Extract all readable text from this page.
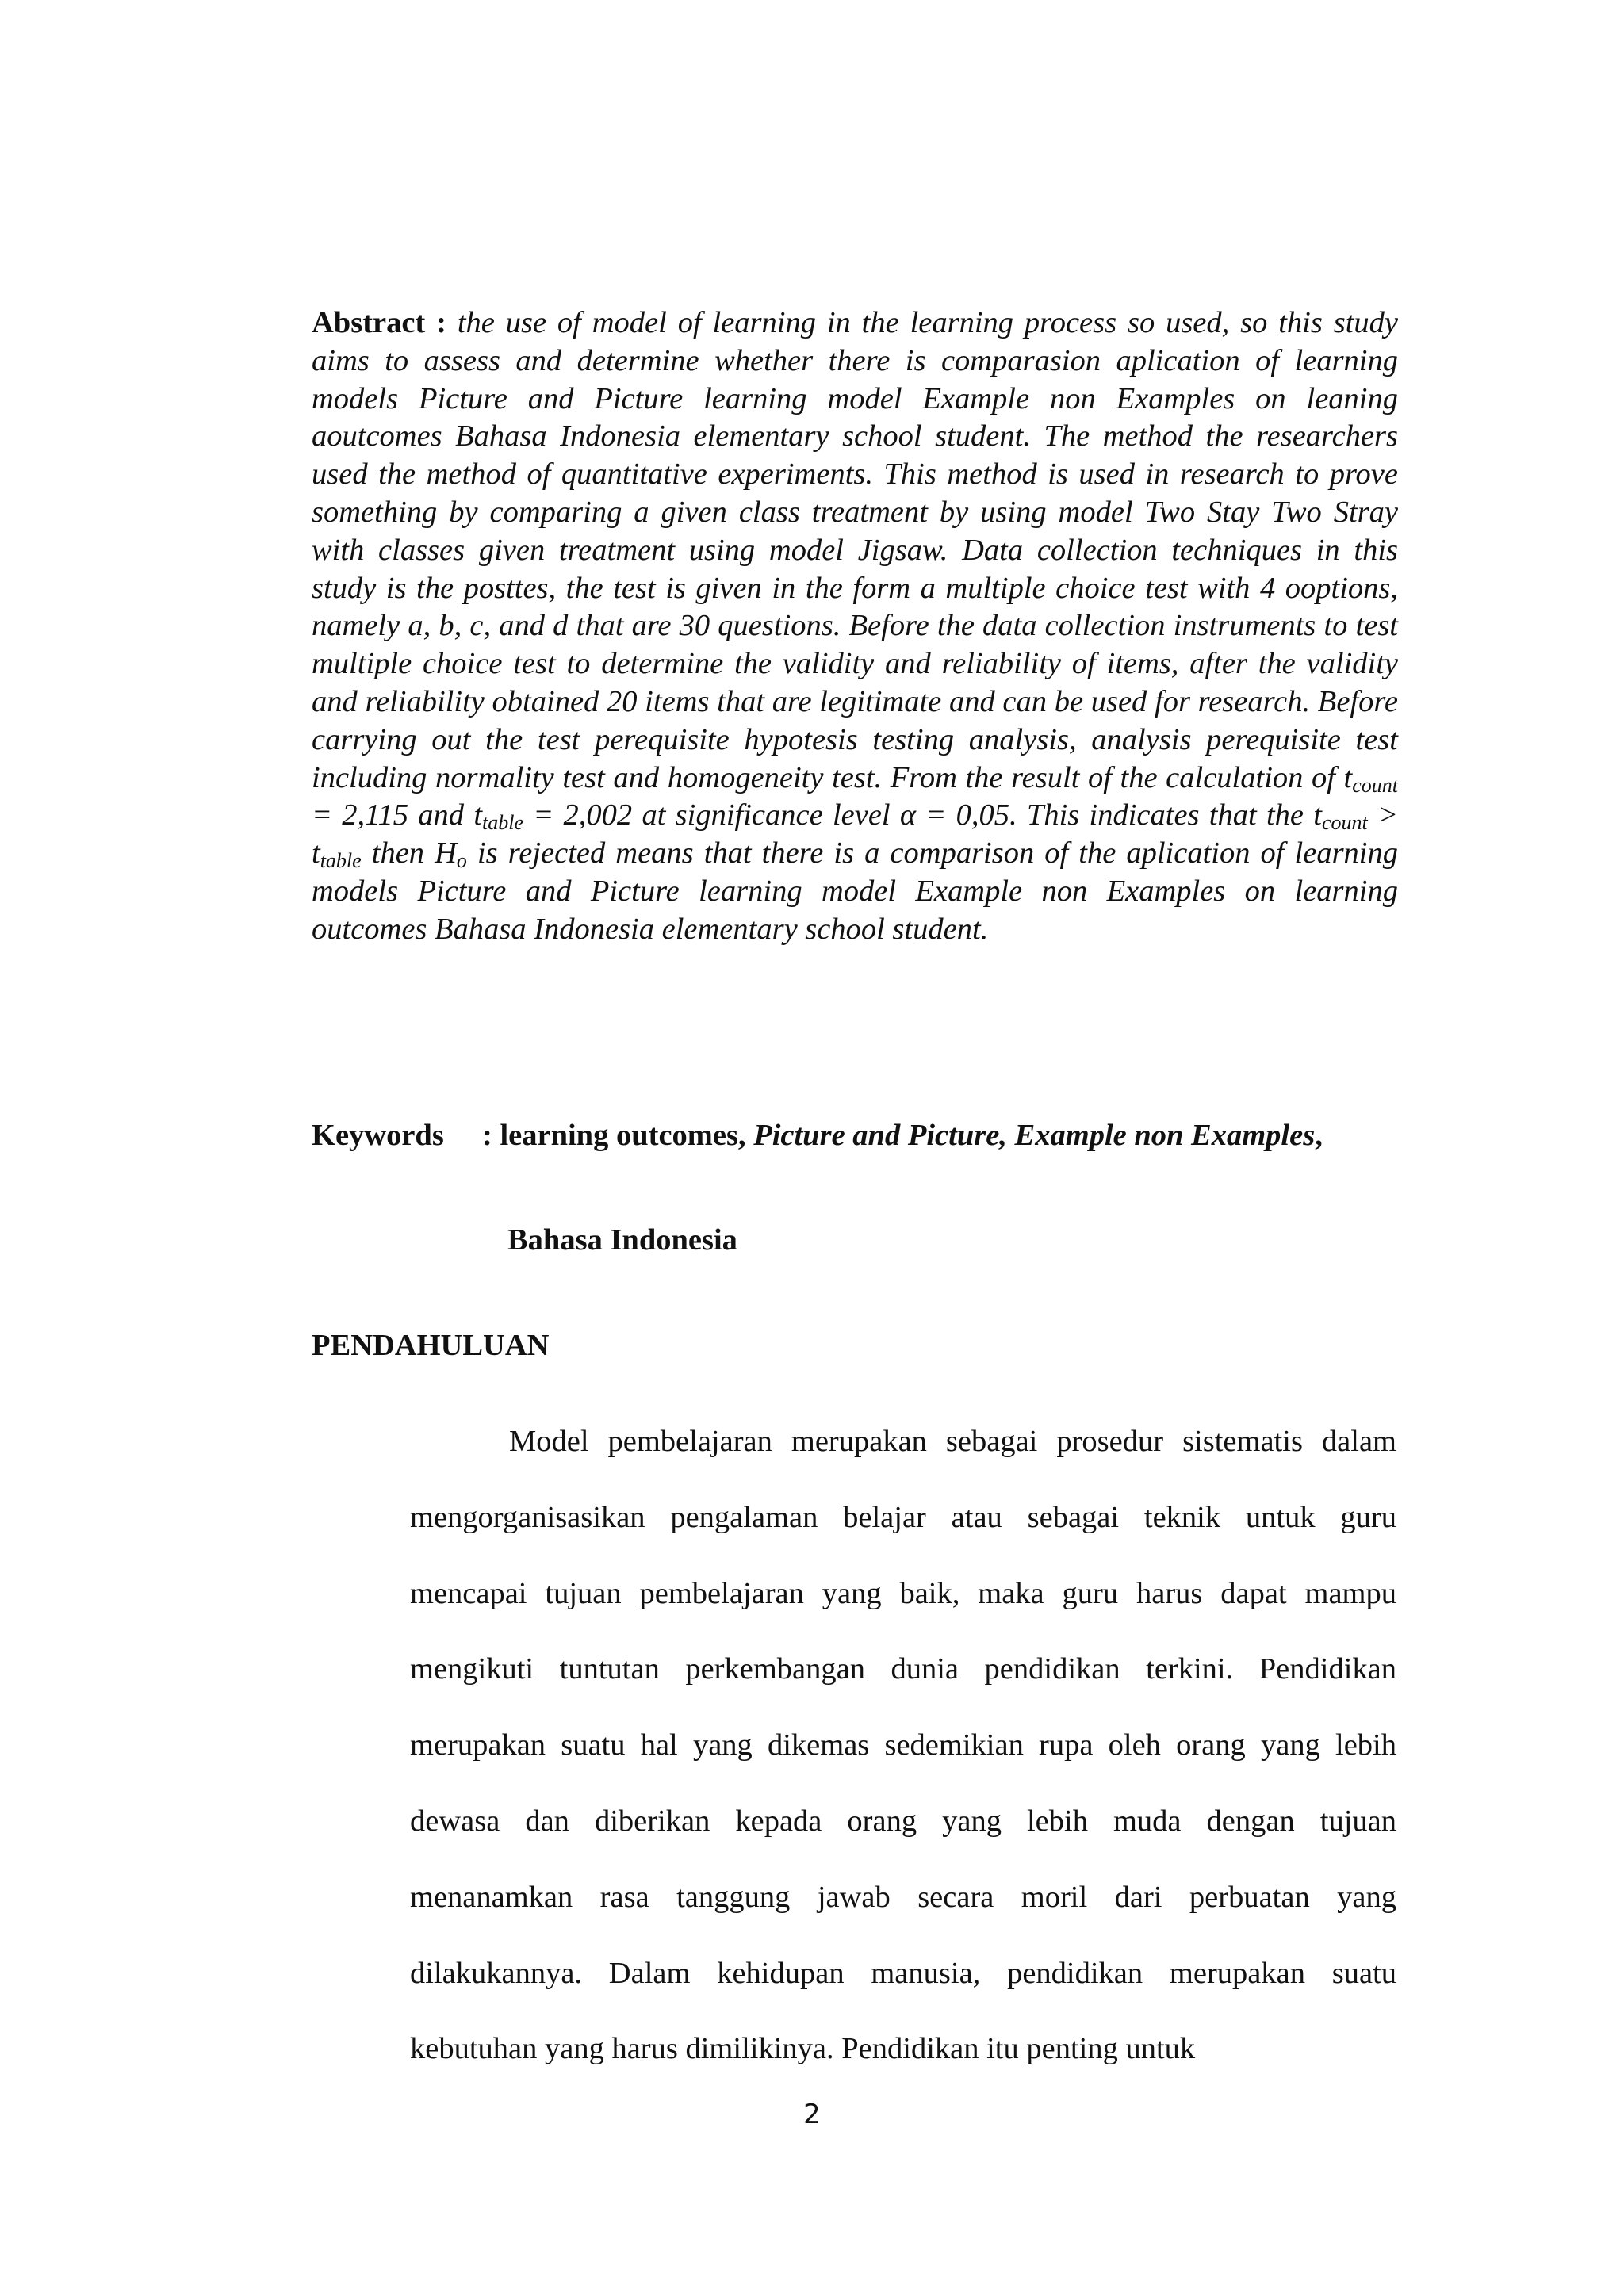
Abstract : the use of model of learning in the learning process so used, so this study aims to assess and determine whether there is comparasion aplication of learning models Picture and Picture learning model Example non Examples on leaning aoutcomes Bahasa Indonesia elementary school student. The method the researchers used the method of quantitative experiments. This method is used in research to prove something by comparing a given class treatment by using model Two Stay Two Stray with classes given treatment using model Jigsaw. Data collection techniques in this study is the posttes, the test is given in the form a multiple choice test with 4 ooptions, namely a, b, c, and d that are 30 questions. Before the data collection instruments to test multiple choice test to determine the validity and reliability of items, after the validity and reliability obtained 20 items that are legitimate and can be used for research. Before carrying out the test perequisite hypotesis testing analysis, analysis perequisite test including normality test and homogeneity test. From the result of the calculation of $t_{count} = 2,115$ and $t_{table} = 2,002$ at significance level α = 0,05. This indicates that the $t_{count} > t_{table}$ then $H_o$ is rejected means that there is a comparison of the aplication of learning models Picture and Picture learning model Example non Examples on learning outcomes Bahasa Indonesia elementary school student.

Keywords : learning outcomes, Picture and Picture, Example non Examples,

Bahasa Indonesia

PENDAHULUAN

Model pembelajaran merupakan sebagai prosedur sistematis dalam mengorganisasikan pengalaman belajar atau sebagai teknik untuk guru mencapai tujuan pembelajaran yang baik, maka guru harus dapat mampu mengikuti tuntutan perkembangan dunia pendidikan terkini. Pendidikan merupakan suatu hal yang dikemas sedemikian rupa oleh orang yang lebih dewasa dan diberikan kepada orang yang lebih muda dengan tujuan menanamkan rasa tanggung jawab secara moril dari perbuatan yang dilakukannya. Dalam kehidupan manusia, pendidikan merupakan suatu kebutuhan yang harus dimilikinya. Pendidikan itu penting untuk

2
